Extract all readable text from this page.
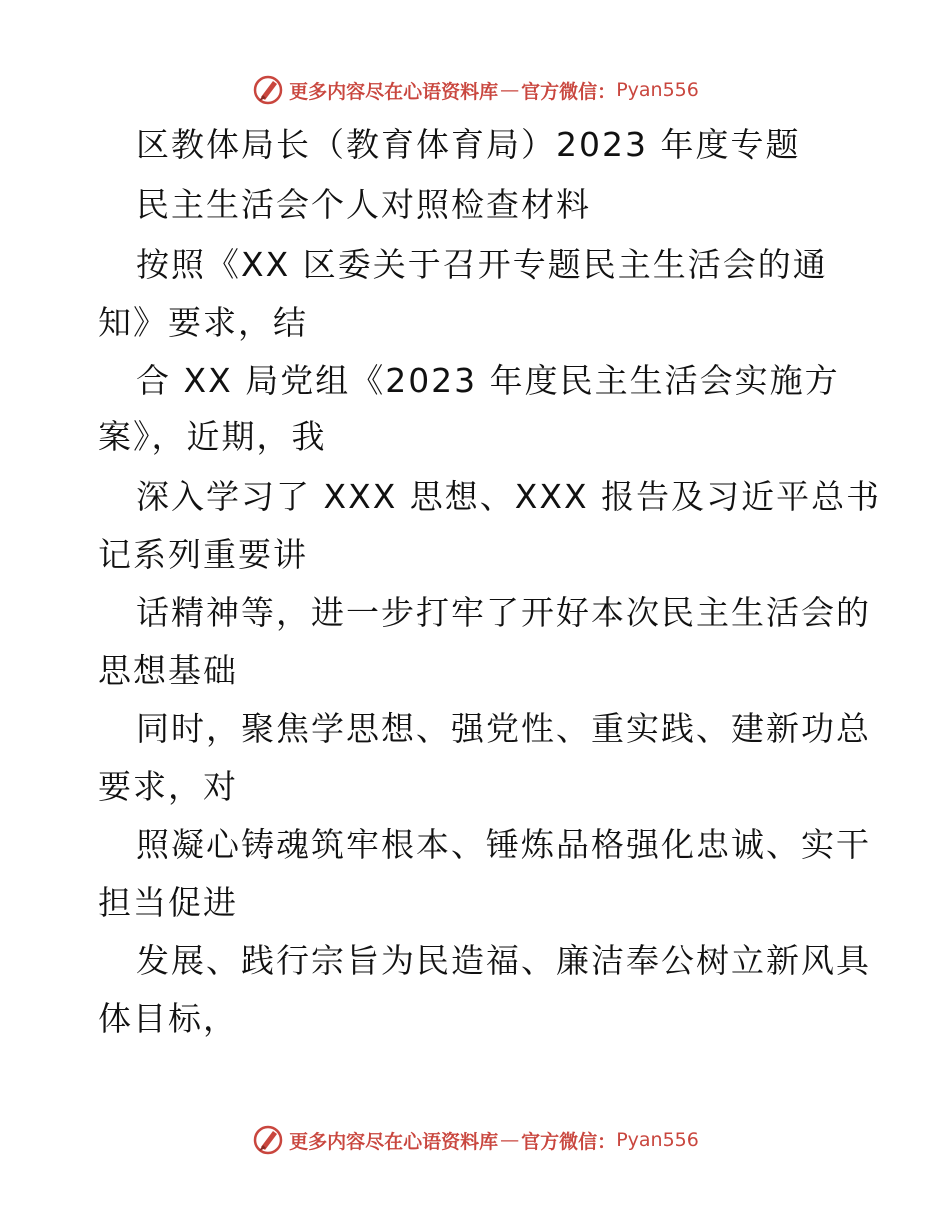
更多内容尽在心语资料库 — 官方微信： Pyan556
区教体局长（教育体育局）2023 年度专题
民主生活会个人对照检查材料
按照《XX 区委关于召开专题民主生活会的通
知》要求，结
合 XX 局党组《2023 年度民主生活会实施方
案》，近期，我
深入学习了 XXX 思想、XXX 报告及习近平总书
记系列重要讲
话精神等，进一步打牢了开好本次民主生活会的
思想基础
同时，聚焦学思想、强党性、重实践、建新功总
要求，对
照凝心铸魂筑牢根本、锤炼品格强化忠诚、实干
担当促进
发展、践行宗旨为民造福、廉洁奉公树立新风具
体目标，
更多内容尽在心语资料库 — 官方微信： Pyan556
